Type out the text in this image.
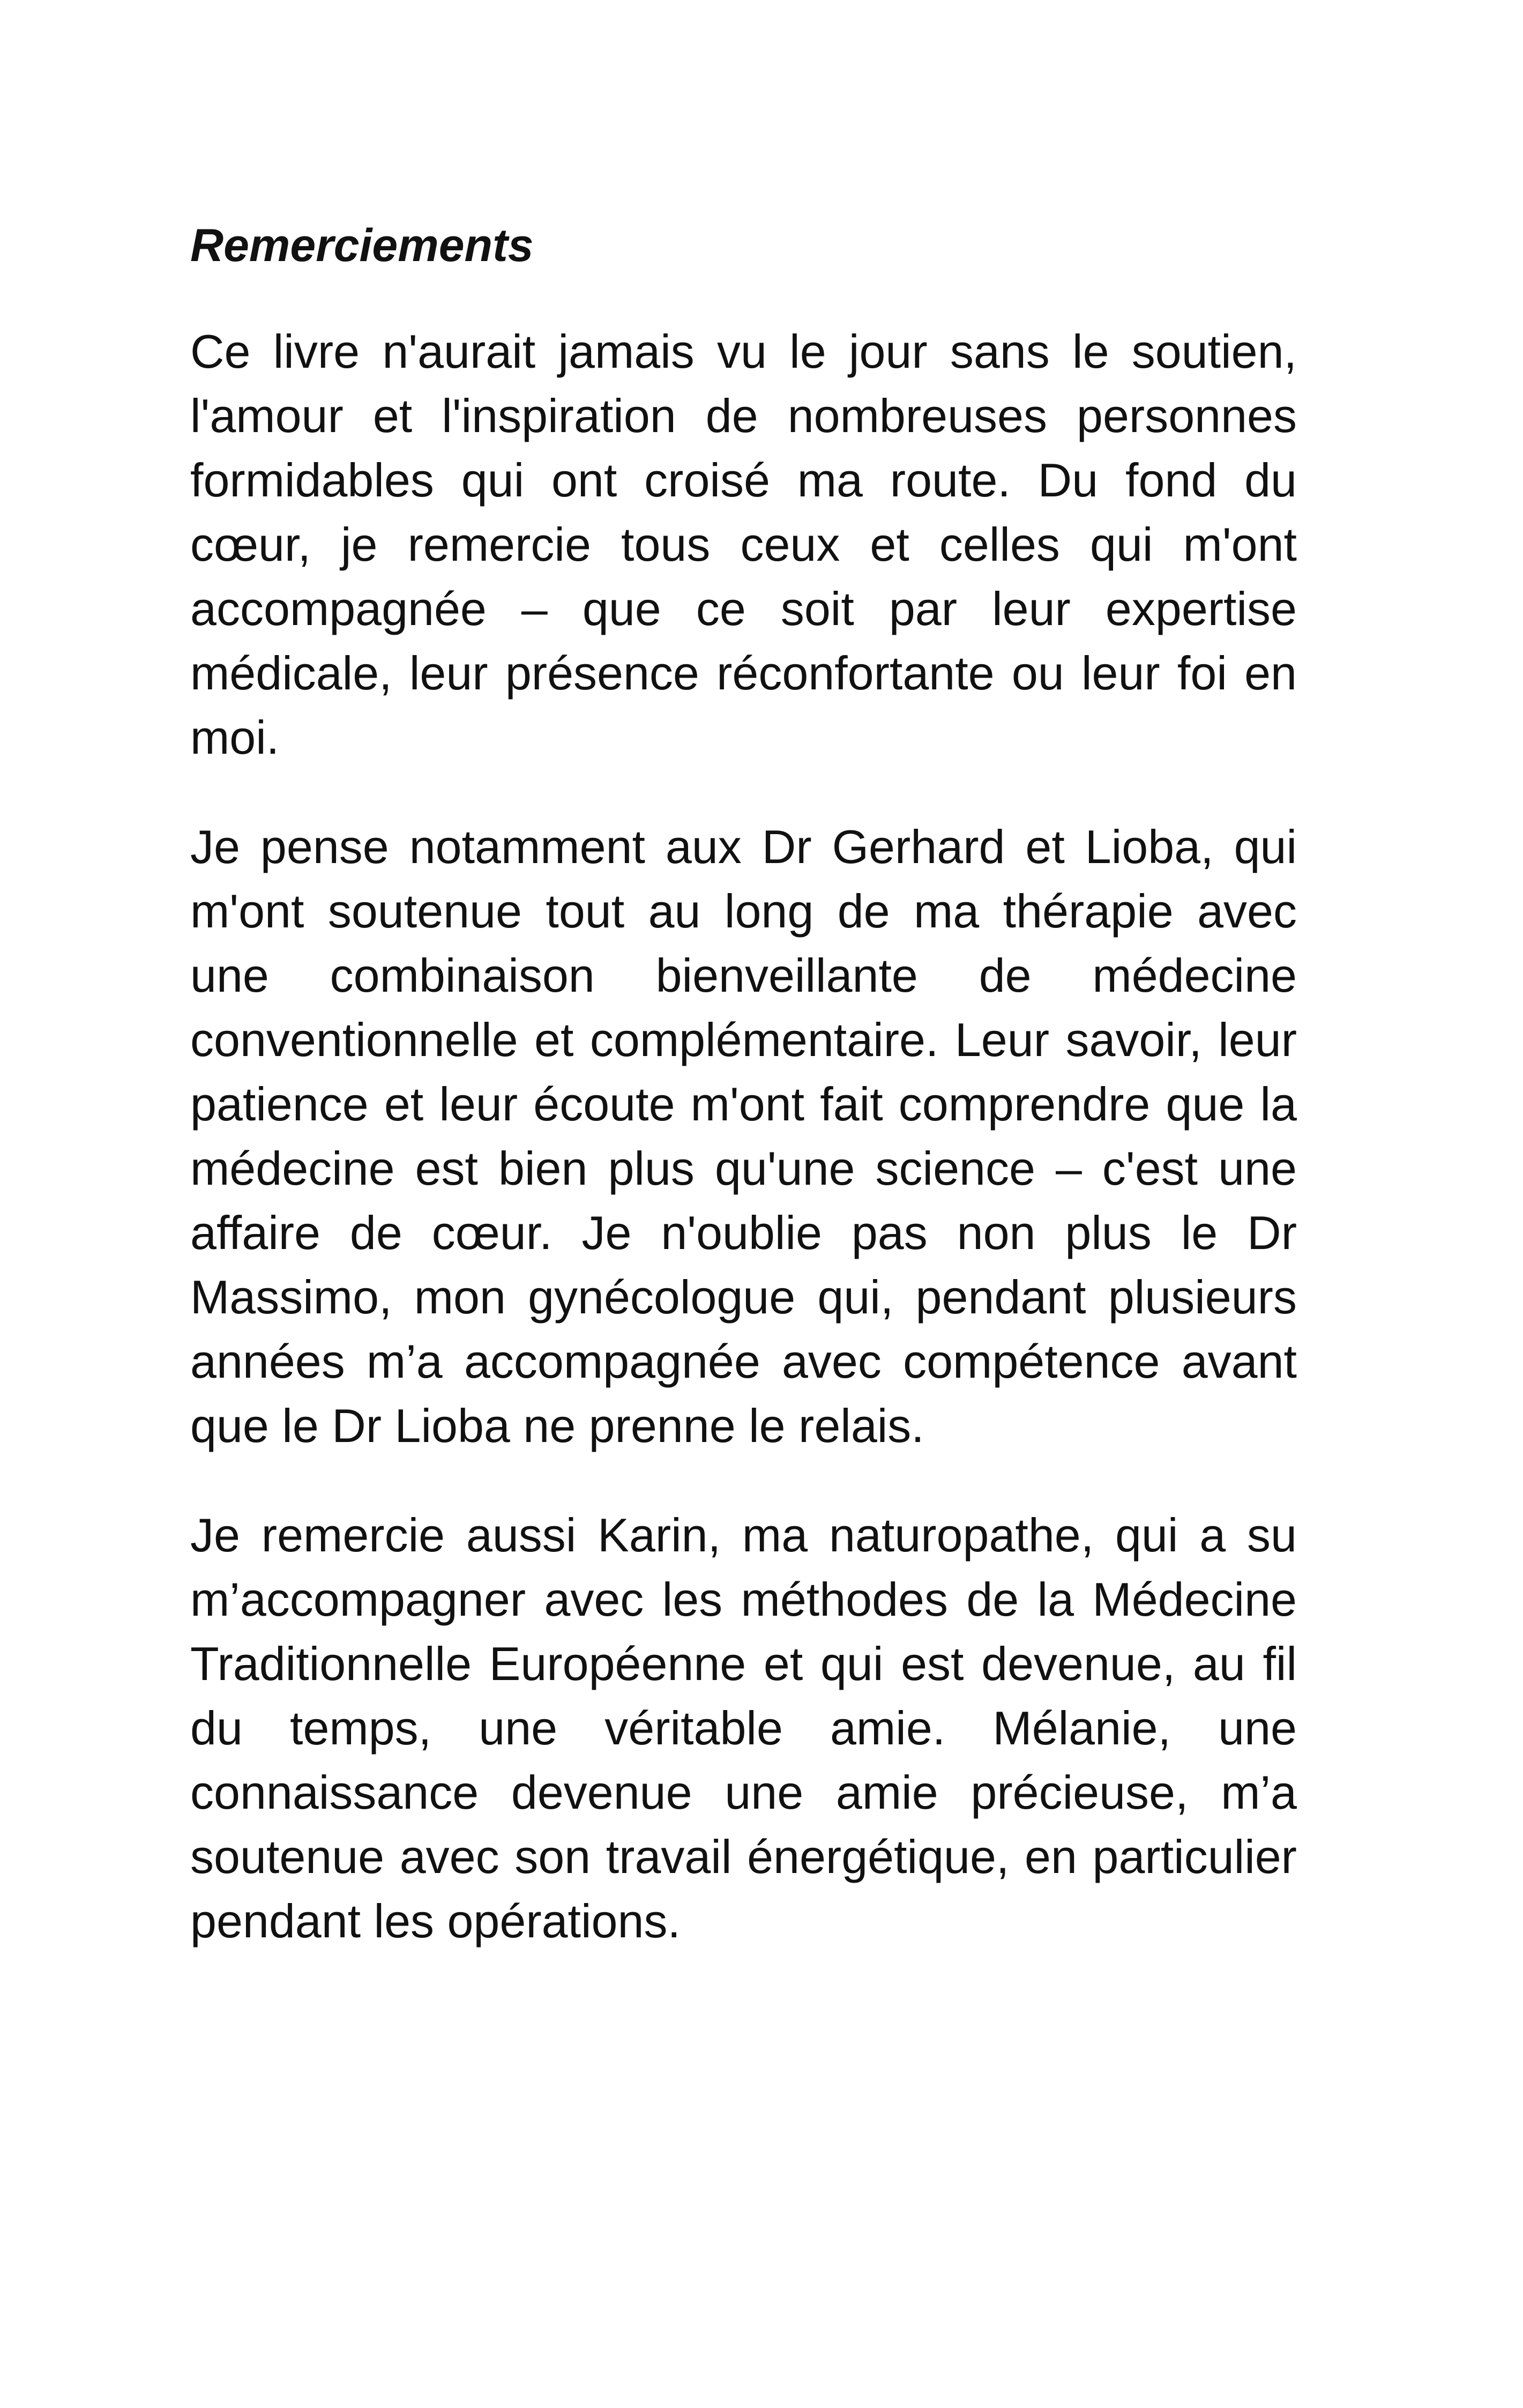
Remerciements

Ce livre n'aurait jamais vu le jour sans le soutien, l'amour et l'inspiration de nombreuses personnes formidables qui ont croisé ma route. Du fond du cœur, je remercie tous ceux et celles qui m'ont accompagnée – que ce soit par leur expertise médicale, leur présence réconfortante ou leur foi en moi.

Je pense notamment aux Dr Gerhard et Lioba, qui m'ont soutenue tout au long de ma thérapie avec une combinaison bienveillante de médecine conventionnelle et complémentaire. Leur savoir, leur patience et leur écoute m'ont fait comprendre que la médecine est bien plus qu'une science – c'est une affaire de cœur. Je n'oublie pas non plus le Dr Massimo, mon gynécologue qui, pendant plusieurs années m’a accompagnée avec compétence avant que le Dr Lioba ne prenne le relais.

Je remercie aussi Karin, ma naturopathe, qui a su m’accompagner avec les méthodes de la Médecine Traditionnelle Européenne et qui est devenue, au fil du temps, une véritable amie. Mélanie, une connaissance devenue une amie précieuse, m’a soutenue avec son travail énergétique, en particulier pendant les opérations.
